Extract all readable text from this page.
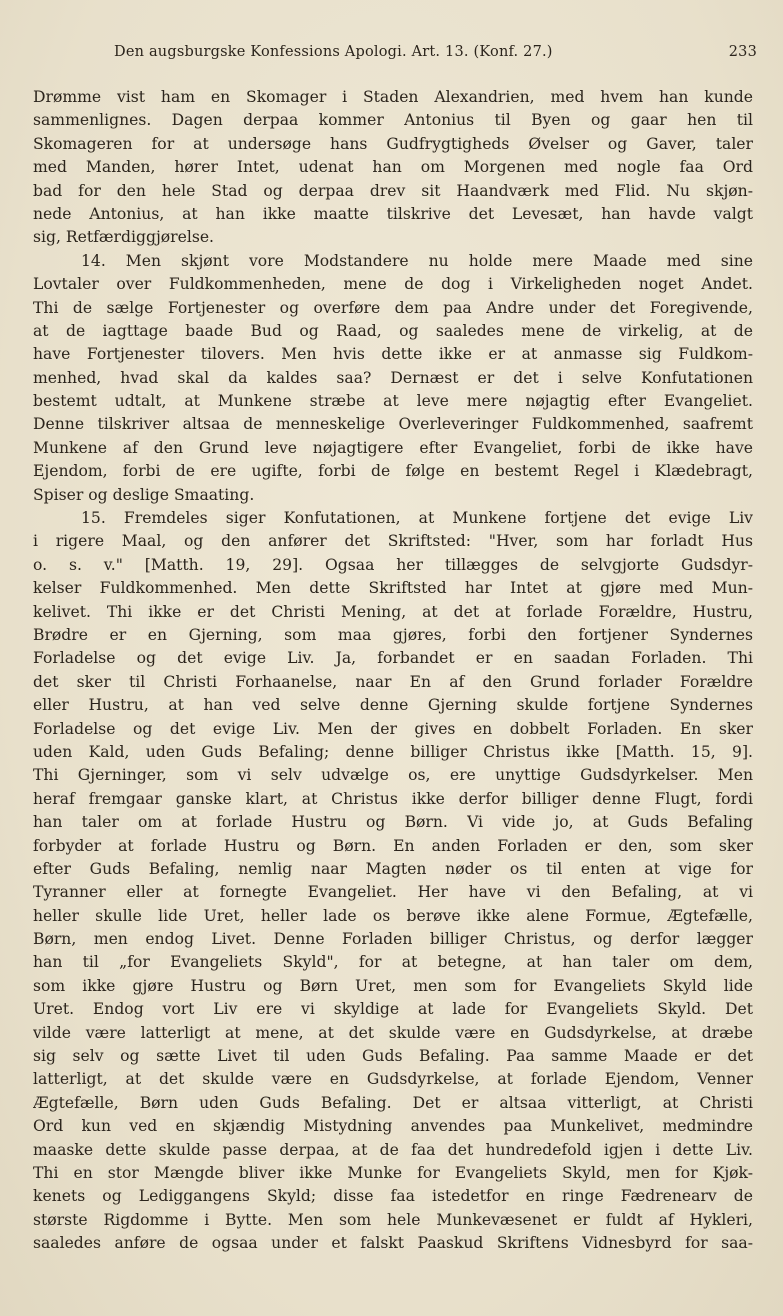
Den augsburgske Konfessions Apologi. Art. 13. (Konf. 27.)	233
Drømme vist ham en Skomager i Staden Alexandrien, med hvem han kunde
sammenlignes. Dagen derpaa kommer Antonius til Byen og gaar hen til
Skomageren for at undersøge hans Gudfrygtigheds Øvelser og Gaver, taler
med Manden, hører Intet, udenat han om Morgenen med nogle faa Ord
bad for den hele Stad og derpaa drev sit Haandværk med Flid. Nu skjøn-
nede Antonius, at han ikke maatte tilskrive det Levesæt, han havde valgt
sig, Retfærdiggjørelse.
14. Men skjønt vore Modstandere nu holde mere Maade med sine
Lovtaler over Fuldkommenheden, mene de dog i Virkeligheden noget Andet.
Thi de sælge Fortjenester og overføre dem paa Andre under det Foregivende,
at de iagttage baade Bud og Raad, og saaledes mene de virkelig, at de
have Fortjenester tilovers. Men hvis dette ikke er at anmasse sig Fuldkom-
menhed, hvad skal da kaldes saa? Dernæst er det i selve Konfutationen
bestemt udtalt, at Munkene stræbe at leve mere nøjagtig efter Evangeliet.
Denne tilskriver altsaa de menneskelige Overleveringer Fuldkommenhed, saafremt
Munkene af den Grund leve nøjagtigere efter Evangeliet, forbi de ikke have
Ejendom, forbi de ere ugifte, forbi de følge en bestemt Regel i Klædebragt,
Spiser og deslige Smaating.
15. Fremdeles siger Konfutationen, at Munkene fortjene det evige Liv
i rigere Maal, og den anfører det Skriftsted: "Hver, som har forladt Hus
o. s. v." [Matth. 19, 29]. Ogsaa her tillægges de selvgjorte Gudsdyr-
kelser Fuldkommenhed. Men dette Skriftsted har Intet at gjøre med Mun-
kelivet. Thi ikke er det Christi Mening, at det at forlade Forældre, Hustru,
Brødre er en Gjerning, som maa gjøres, forbi den fortjener Syndernes
Forladelse og det evige Liv. Ja, forbandet er en saadan Forladen. Thi
det sker til Christi Forhaanelse, naar En af den Grund forlader Forældre
eller Hustru, at han ved selve denne Gjerning skulde fortjene Syndernes
Forladelse og det evige Liv. Men der gives en dobbelt Forladen. En sker
uden Kald, uden Guds Befaling; denne billiger Christus ikke [Matth. 15, 9].
Thi Gjerninger, som vi selv udvælge os, ere unyttige Gudsdyrkelser. Men
heraf fremgaar ganske klart, at Christus ikke derfor billiger denne Flugt, fordi
han taler om at forlade Hustru og Børn. Vi vide jo, at Guds Befaling
forbyder at forlade Hustru og Børn. En anden Forladen er den, som sker
efter Guds Befaling, nemlig naar Magten nøder os til enten at vige for
Tyranner eller at fornegte Evangeliet. Her have vi den Befaling, at vi
heller skulle lide Uret, heller lade os berøve ikke alene Formue, Ægtefælle,
Børn, men endog Livet. Denne Forladen billiger Christus, og derfor lægger
han til „for Evangeliets Skyld", for at betegne, at han taler om dem,
som ikke gjøre Hustru og Børn Uret, men som for Evangeliets Skyld lide
Uret. Endog vort Liv ere vi skyldige at lade for Evangeliets Skyld. Det
vilde være latterligt at mene, at det skulde være en Gudsdyrkelse, at dræbe
sig selv og sætte Livet til uden Guds Befaling. Paa samme Maade er det
latterligt, at det skulde være en Gudsdyrkelse, at forlade Ejendom, Venner
Ægtefælle, Børn uden Guds Befaling. Det er altsaa vitterligt, at Christi
Ord kun ved en skjændig Mistydning anvendes paa Munkelivet, medmindre
maaske dette skulde passe derpaa, at de faa det hundredefold igjen i dette Liv.
Thi en stor Mængde bliver ikke Munke for Evangeliets Skyld, men for Kjøk-
kenets og Lediggangens Skyld; disse faa istedetfor en ringe Fædrenearv de
største Rigdomme i Bytte. Men som hele Munkevæsenet er fuldt af Hykleri,
saaledes anføre de ogsaa under et falskt Paaskud Skriftens Vidnesbyrd for saa-
